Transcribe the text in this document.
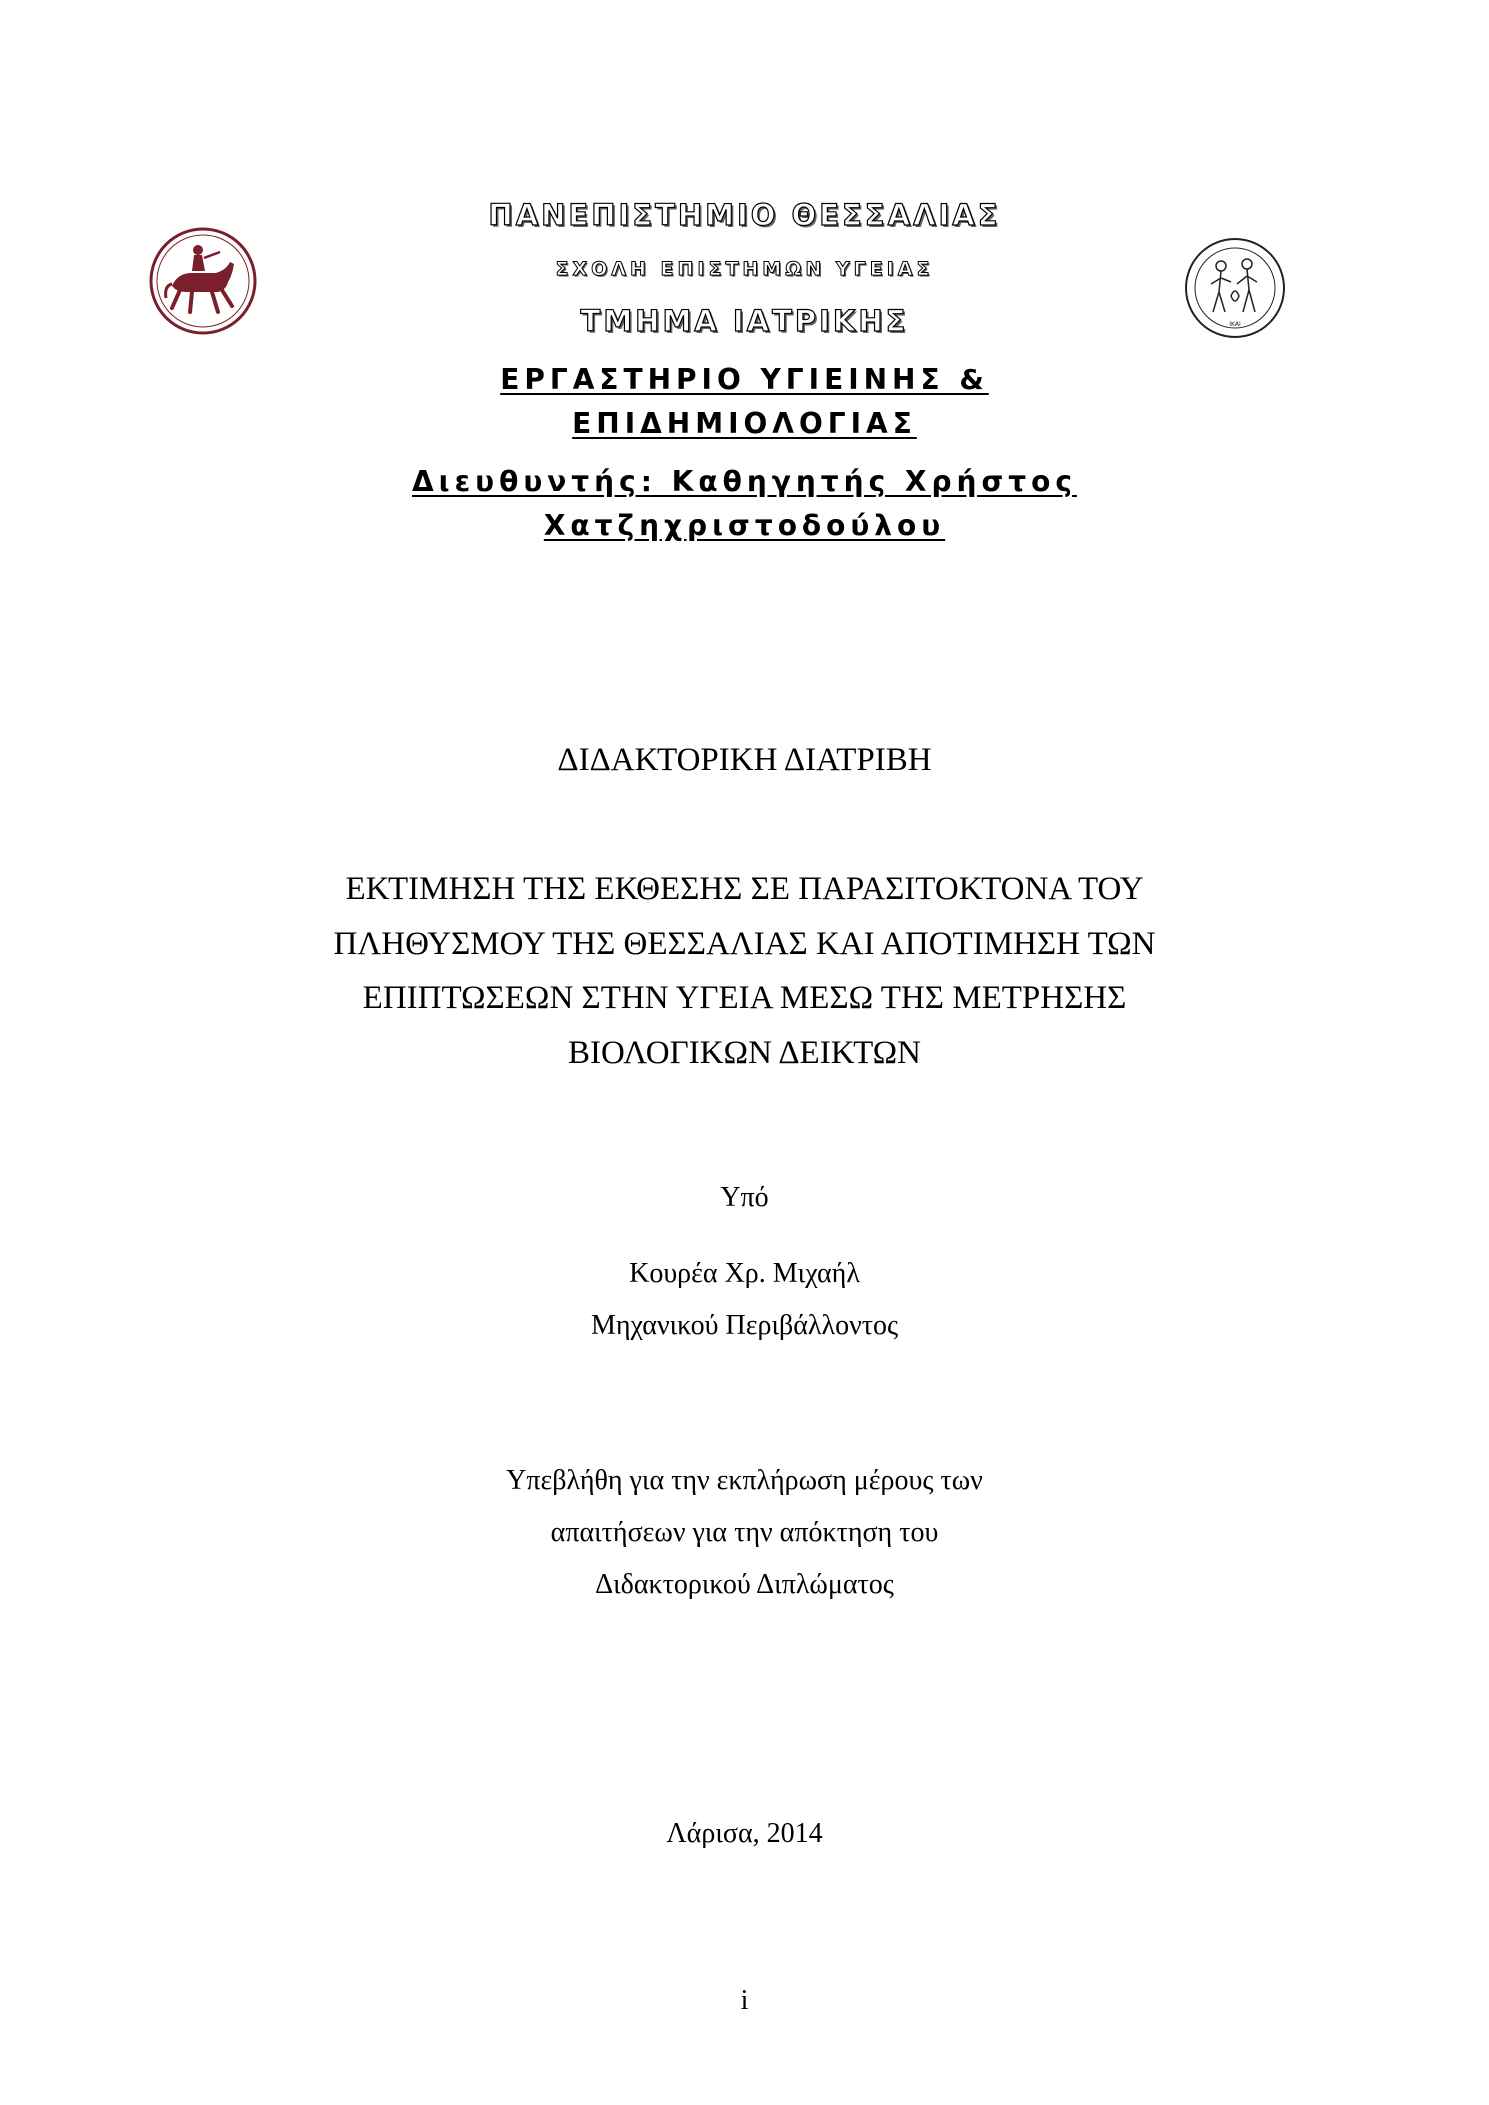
ΙΚΑΙ
ΠΑΝΕΠΙΣΤΗΜΙΟ ΘΕΣΣΑΛΙΑΣ
ΣΧΟΛΗ ΕΠΙΣΤΗΜΩΝ ΥΓΕΙΑΣ
ΤΜΗΜΑ ΙΑΤΡΙΚΗΣ
ΕΡΓΑΣΤΗΡΙΟ ΥΓΙΕΙΝΗΣ &
ΕΠΙΔΗΜΙΟΛΟΓΙΑΣ
Διευθυντής: Καθηγητής Χρήστος
Χατζηχριστοδούλου
ΔΙΔΑΚΤΟΡΙΚΗ ΔΙΑΤΡΙΒΗ
ΕΚΤΙΜΗΣΗ ΤΗΣ ΕΚΘΕΣΗΣ ΣΕ ΠΑΡΑΣΙΤΟΚΤΟΝΑ ΤΟΥ
ΠΛΗΘΥΣΜΟΥ ΤΗΣ ΘΕΣΣΑΛΙΑΣ ΚΑΙ ΑΠΟΤΙΜΗΣΗ ΤΩΝ
ΕΠΙΠΤΩΣΕΩΝ ΣΤΗΝ ΥΓΕΙΑ ΜΕΣΩ ΤΗΣ ΜΕΤΡΗΣΗΣ
ΒΙΟΛΟΓΙΚΩΝ ΔΕΙΚΤΩΝ
Υπό
Κουρέα Χρ. Μιχαήλ
Μηχανικού Περιβάλλοντος
Υπεβλήθη για την εκπλήρωση μέρους των
απαιτήσεων για την απόκτηση του
Διδακτορικού Διπλώματος
Λάρισα, 2014
i
